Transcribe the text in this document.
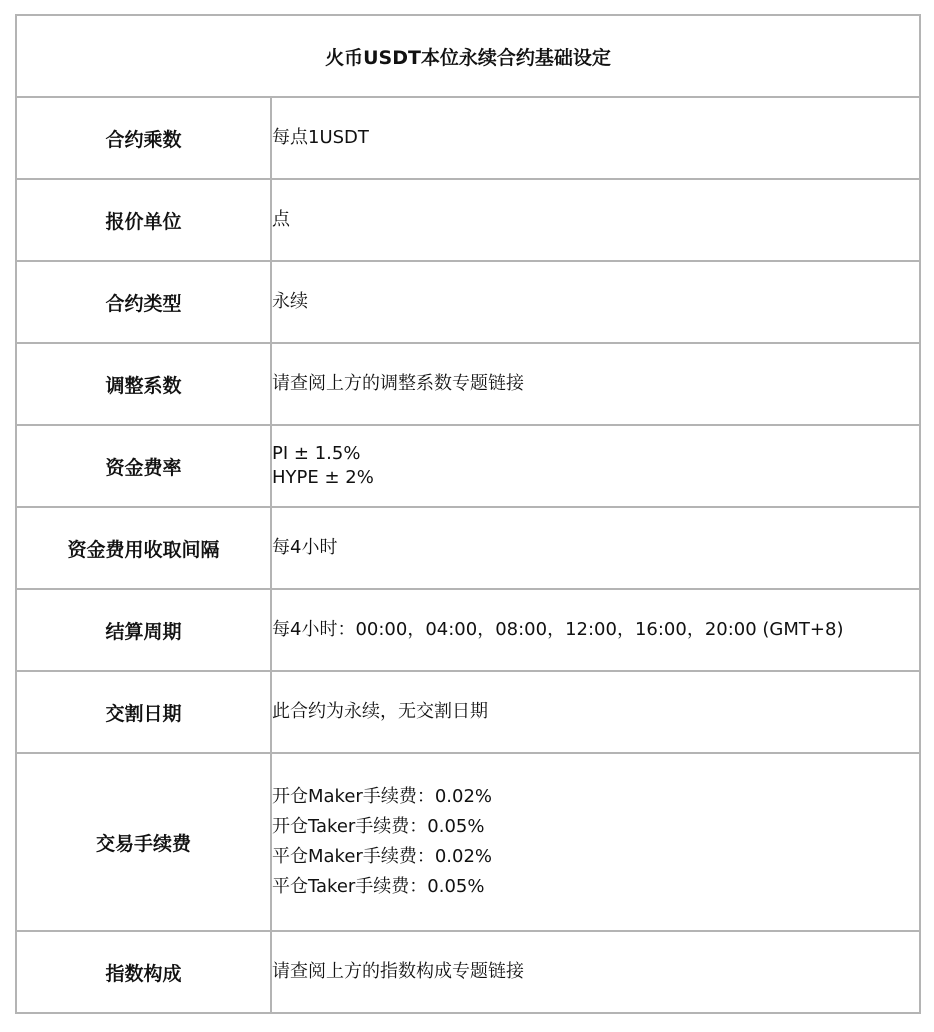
火币USDT本位永续合约基础设定	
合约乘数	每点1USDT

报价单位	点

合约类型	永续

调整系数	请查阅上方的调整系数专题链接

资金费率	PI ± 1.5%
HYPE ± 2%

资金费用收取间隔	每4小时

结算周期	每4小时：00:00，04:00，08:00，12:00，16:00，20:00 (GMT+8)

交割日期	此合约为永续，无交割日期

交易手续费	开仓Maker手续费：0.02%
开仓Taker手续费：0.05%
平仓Maker手续费：0.02%
平仓Taker手续费：0.05%

指数构成	请查阅上方的指数构成专题链接
